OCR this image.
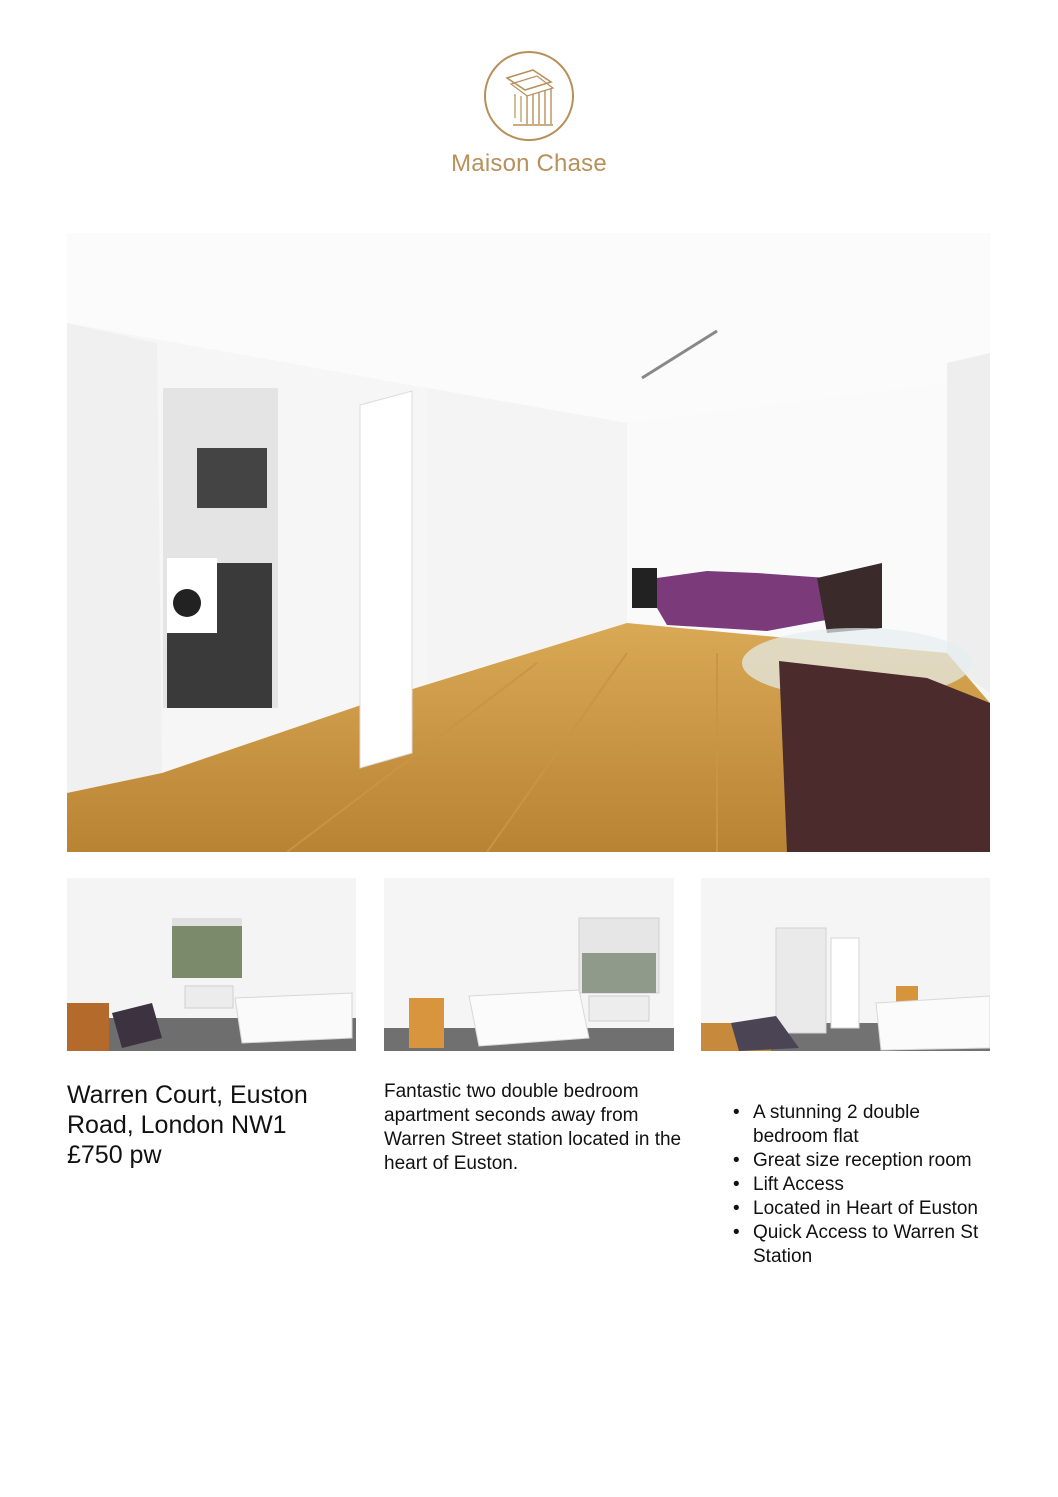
Maison Chase
Warren Court, Euston
Road, London NW1
£750 pw
Fantastic two double bedroom apartment seconds away from Warren Street station located in the heart of Euston.
• A stunning 2 double bedroom flat
• Great size reception room
• Lift Access
• Located in Heart of Euston
• Quick Access to Warren St Station
